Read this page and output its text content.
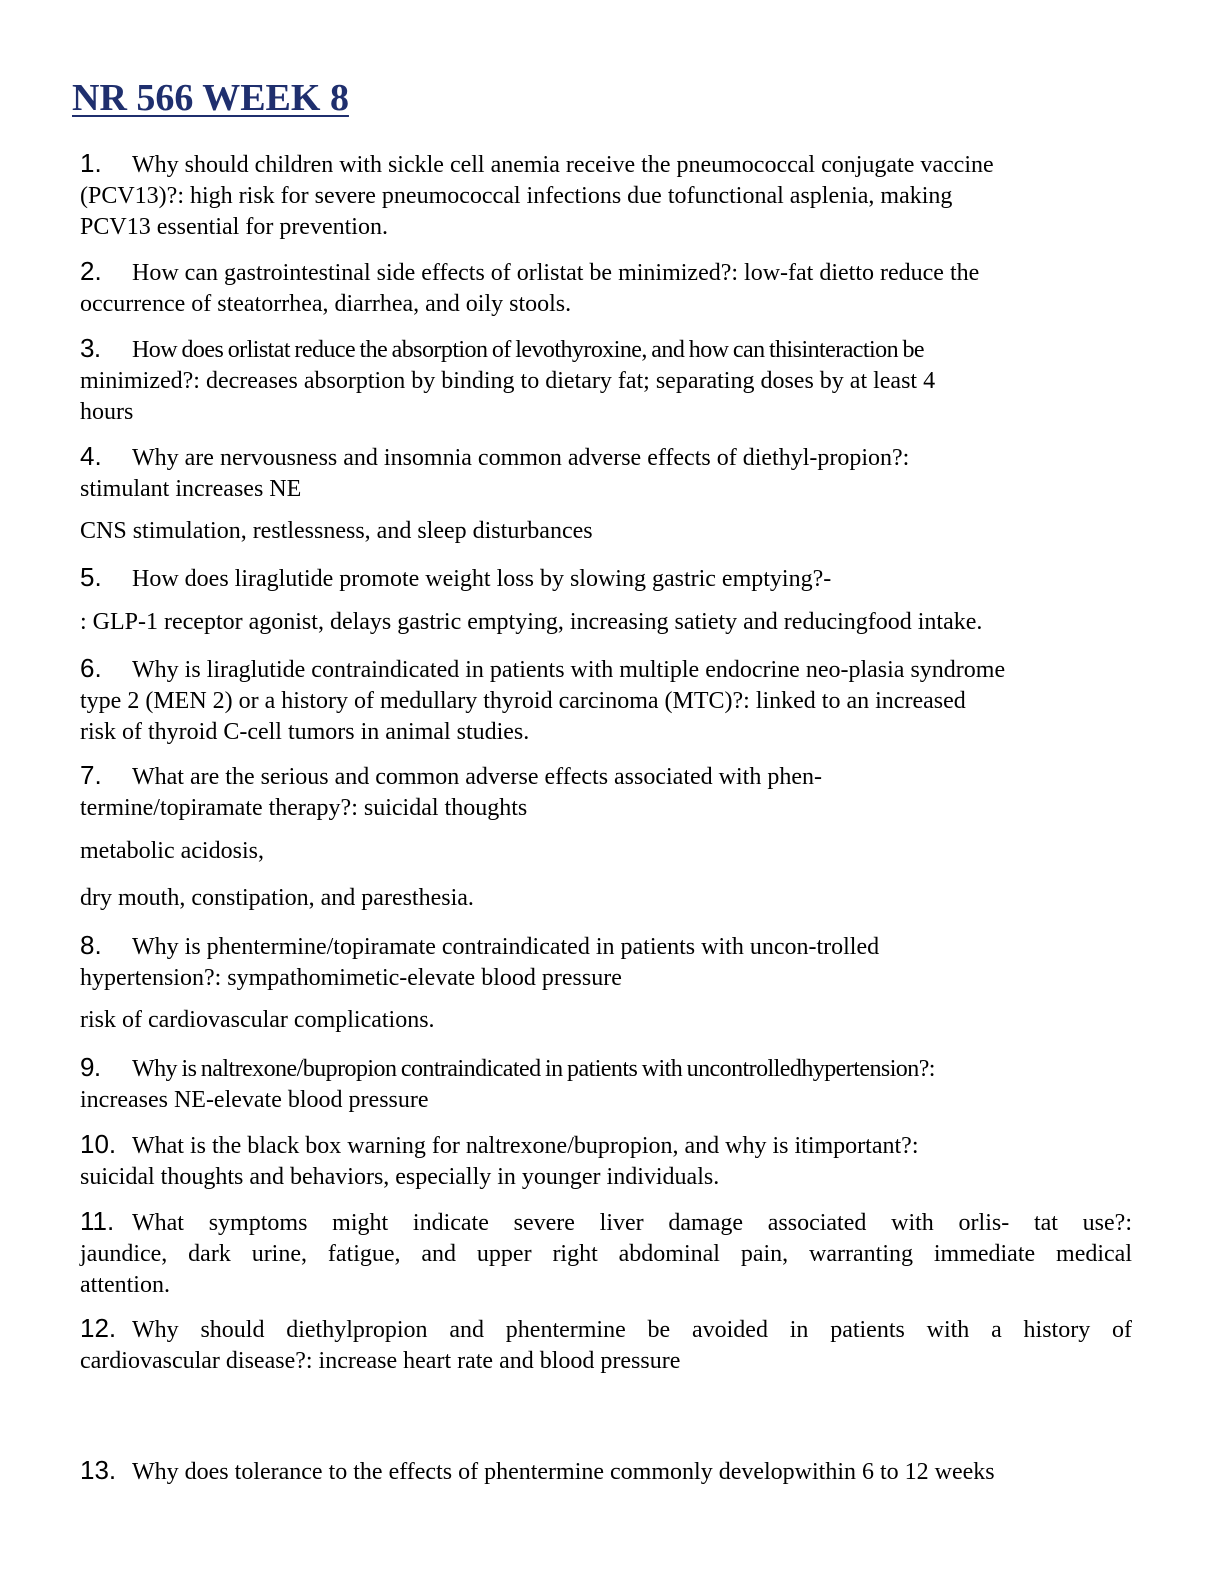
NR 566 WEEK 8
1. Why should children with sickle cell anemia receive the pneumococcal conjugate vaccine
(PCV13)?: high risk for severe pneumococcal infections due tofunctional asplenia, making
PCV13 essential for prevention.
2. How can gastrointestinal side effects of orlistat be minimized?: low-fat dietto reduce the
occurrence of steatorrhea, diarrhea, and oily stools.
3. How does orlistat reduce the absorption of levothyroxine, and how can thisinteraction be
minimized?: decreases absorption by binding to dietary fat; separating doses by at least 4
hours
4. Why are nervousness and insomnia common adverse effects of diethyl-propion?:
stimulant increases NE
CNS stimulation, restlessness, and sleep disturbances
5. How does liraglutide promote weight loss by slowing gastric emptying?-
: GLP-1 receptor agonist, delays gastric emptying, increasing satiety and reducingfood intake.
6. Why is liraglutide contraindicated in patients with multiple endocrine neo-plasia syndrome
type 2 (MEN 2) or a history of medullary thyroid carcinoma (MTC)?: linked to an increased
risk of thyroid C-cell tumors in animal studies.
7. What are the serious and common adverse effects associated with phen-
termine/topiramate therapy?: suicidal thoughts
metabolic acidosis,
dry mouth, constipation, and paresthesia.
8. Why is phentermine/topiramate contraindicated in patients with uncon-trolled
hypertension?: sympathomimetic-elevate blood pressure
risk of cardiovascular complications.
9. Why is naltrexone/bupropion contraindicated in patients with uncontrolledhypertension?:
increases NE-elevate blood pressure
10. What is the black box warning for naltrexone/bupropion, and why is itimportant?:
suicidal thoughts and behaviors, especially in younger individuals.
11. What symptoms might indicate severe liver damage associated with orlis- tat use?:
jaundice, dark urine, fatigue, and upper right abdominal pain, warranting immediate medical
attention.
12. Why should diethylpropion and phentermine be avoided in patients with a history of
cardiovascular disease?: increase heart rate and blood pressure
13. Why does tolerance to the effects of phentermine commonly developwithin 6 to 12 weeks
